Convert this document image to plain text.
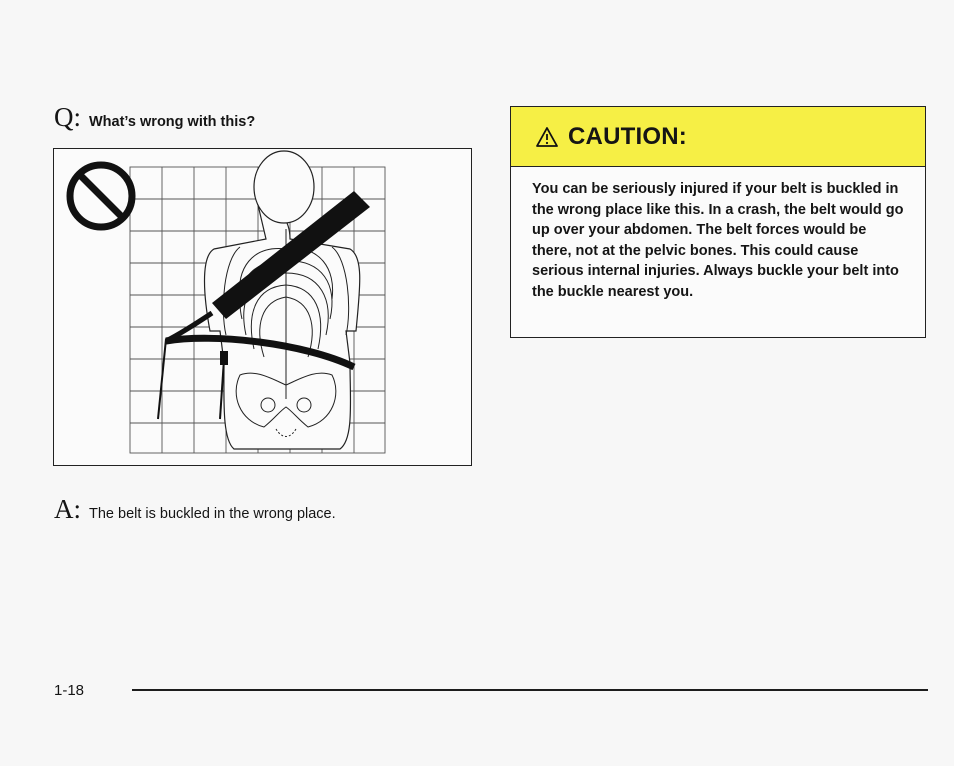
Q: What’s wrong with this?
A: The belt is buckled in the wrong place.
CAUTION:
You can be seriously injured if your belt is buckled in the wrong place like this. In a crash, the belt would go up over your abdomen. The belt forces would be there, not at the pelvic bones. This could cause serious internal injuries. Always buckle your belt into the buckle nearest you.
1-18
